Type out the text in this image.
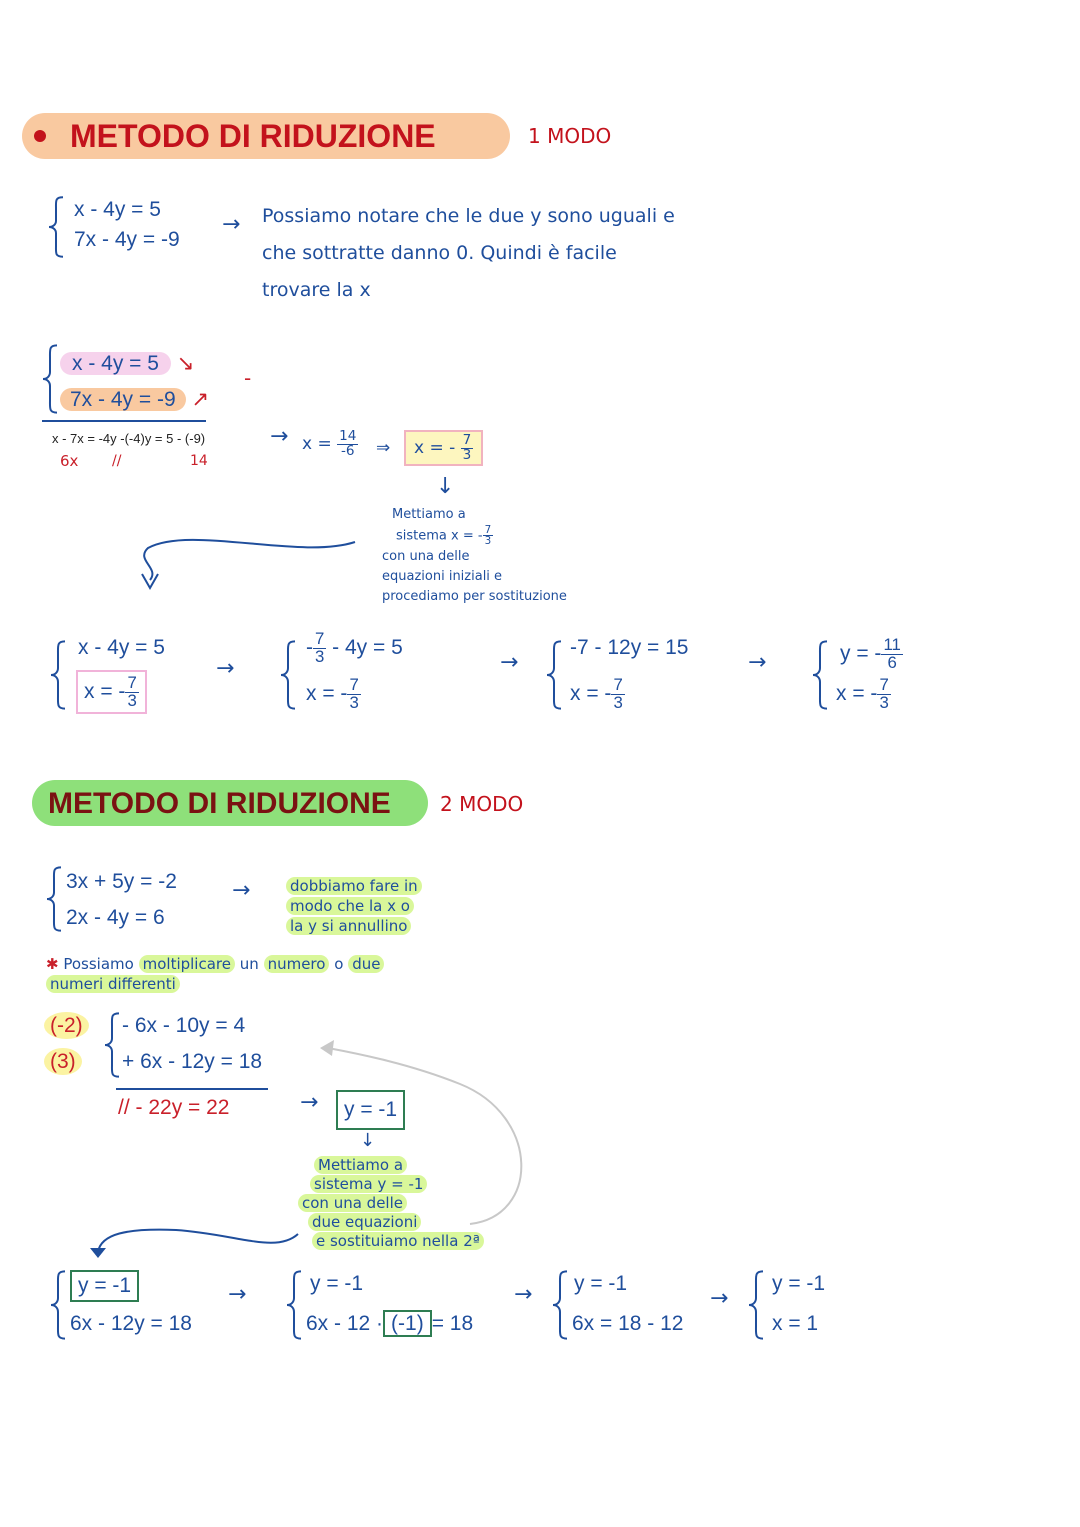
METODO DI RIDUZIONE	1 MODO
x - 4y = 5
7x - 4y = -9
→ Possiamo notare che le due y sono uguali e
che sottratte danno 0. Quindi è facile
trovare la x
x - 4y = 5 ↘
7x - 4y = -9 ↗
-
x - 7x = -4y -(-4)y = 5 - (-9)
6x //	14
→ $x = \frac{14}{-6}$ ⇒	x = - $\frac{7}{3}$
↓
Mettiamo a
sistema x = - $\frac{7}{3}$
con una delle
equazioni iniziali e
procediamo per sostituzione
x - 4y = 5
x = - $\frac{7}{3}$
→
- $\frac{7}{3} - 4y = 5$
x = - $\frac{7}{3}$
→
-7 - 12y = 15
x = - $\frac{7}{3}$
→	y = - $\frac{11}{6}$
x = - $\frac{7}{3}$
METODO DI RIDUZIONE 2 MODO
3x + 5y = -2
2x - 4y = 6
→	dobbiamo fare in
modo che la x o
la y si annullino
✱ Possiamo moltiplicare un numero o due
numeri differenti
(-2)
(3)
- 6x - 10y = 4
+ 6x - 12y = 18
// - 22y = 22	→	y = -1
↓
Mettiamo a
sistema y = -1
con una delle
due equazioni
e sostituiamo nella 2ª
y = -1
6x - 12y = 18
→	y = -1
6x - 12 · (-1) = 18
→ y = -1
6x = 18 - 12
→
y = -1
x = 1
